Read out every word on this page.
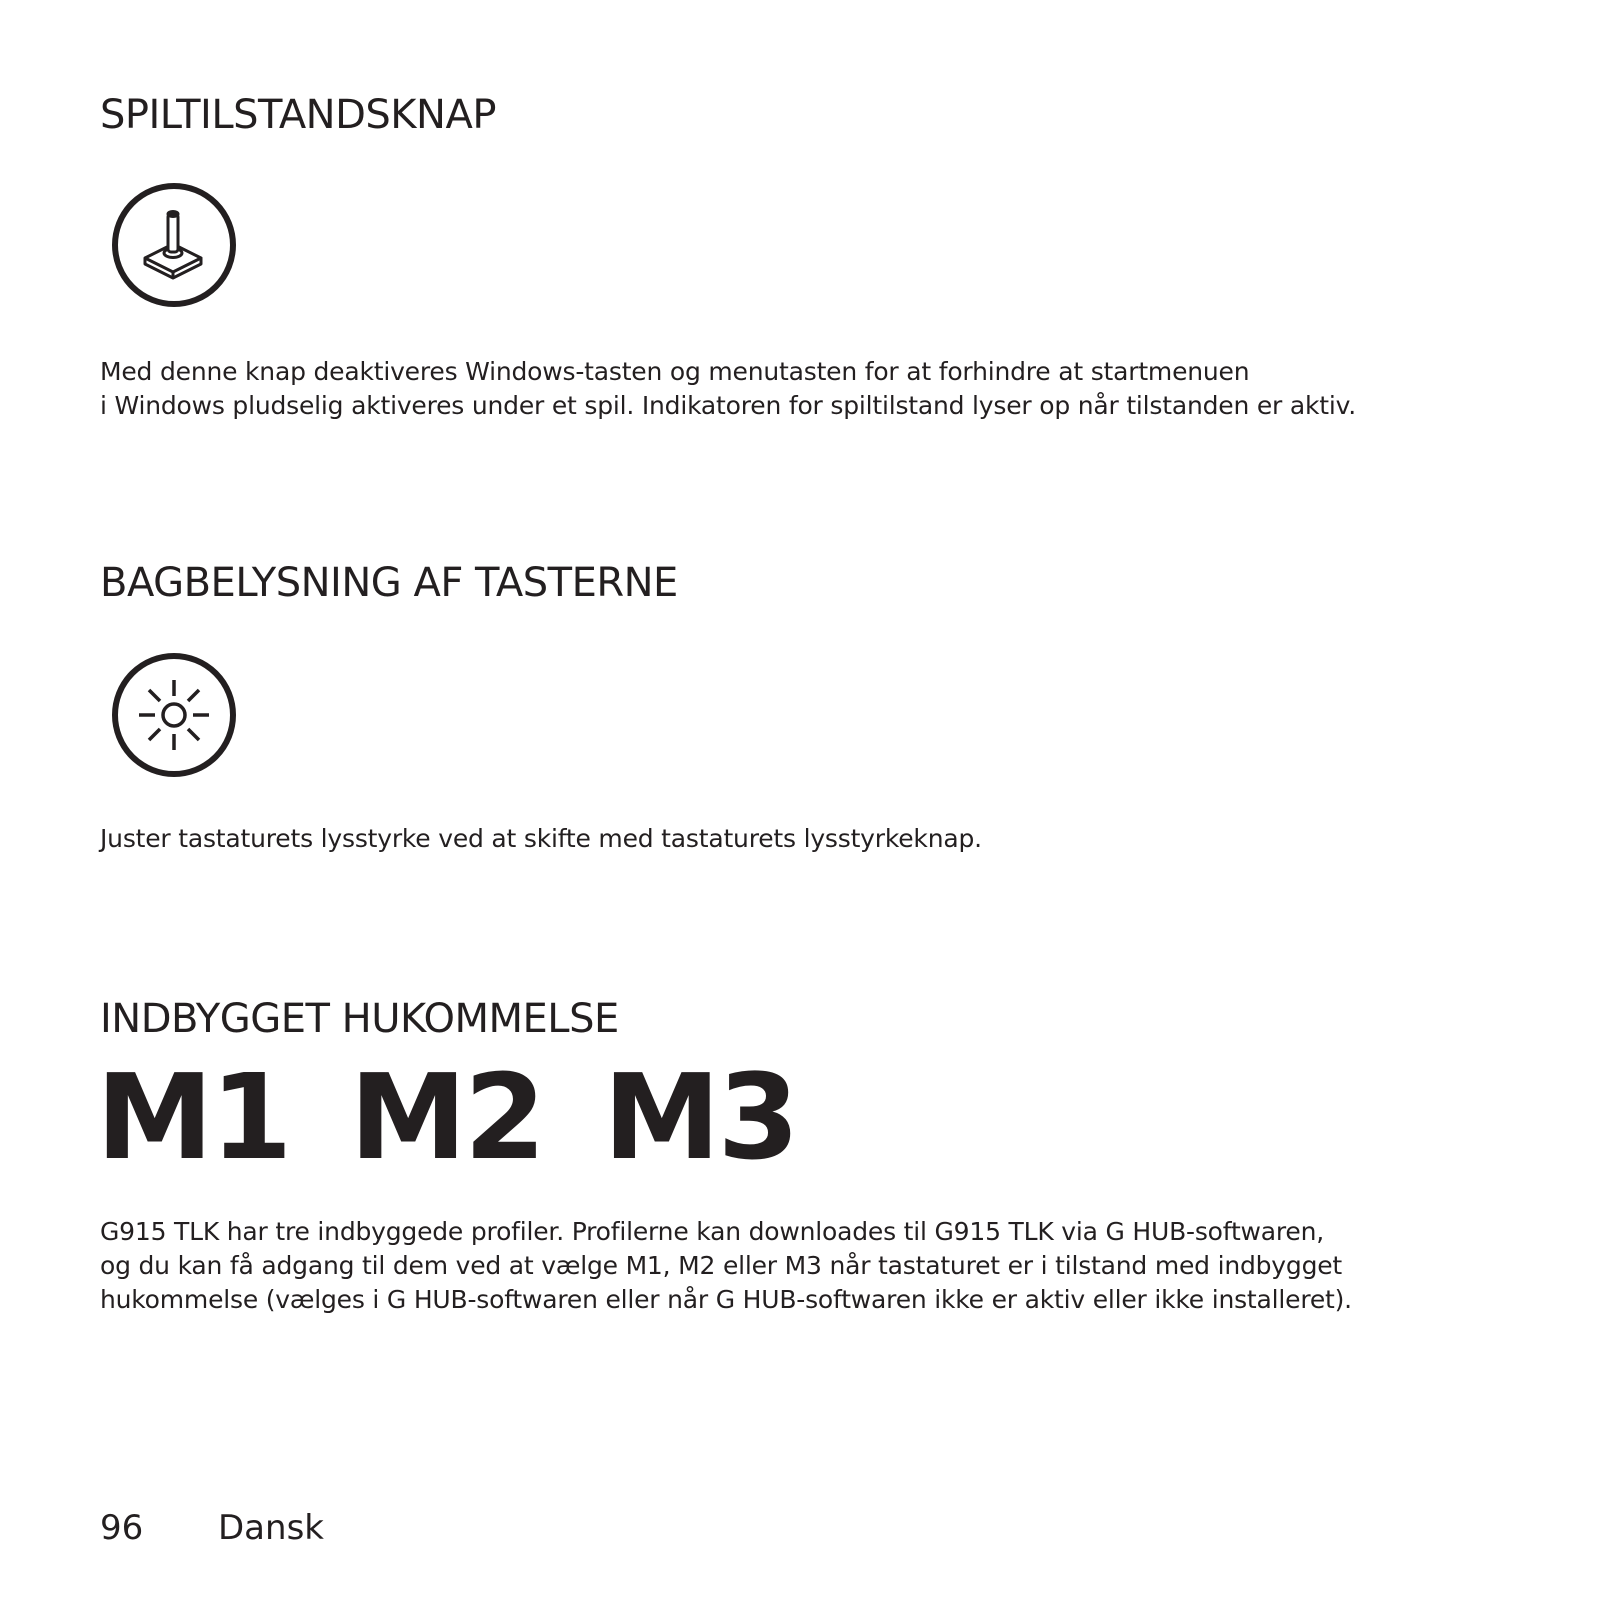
SPILTILSTANDSKNAP

Med denne knap deaktiveres Windows-tasten og menutasten for at forhindre at startmenuen
i Windows pludselig aktiveres under et spil. Indikatoren for spiltilstand lyser op når tilstanden er aktiv.

BAGBELYSNING AF TASTERNE

Juster tastaturets lysstyrke ved at skifte med tastaturets lysstyrkeknap.

INDBYGGET HUKOMMELSE
M1 M2 M3

G915 TLK har tre indbyggede profiler. Profilerne kan downloades til G915 TLK via G HUB-softwaren,
og du kan få adgang til dem ved at vælge M1, M2 eller M3 når tastaturet er i tilstand med indbygget
hukommelse (vælges i G HUB-softwaren eller når G HUB-softwaren ikke er aktiv eller ikke installeret).

96 Dansk
